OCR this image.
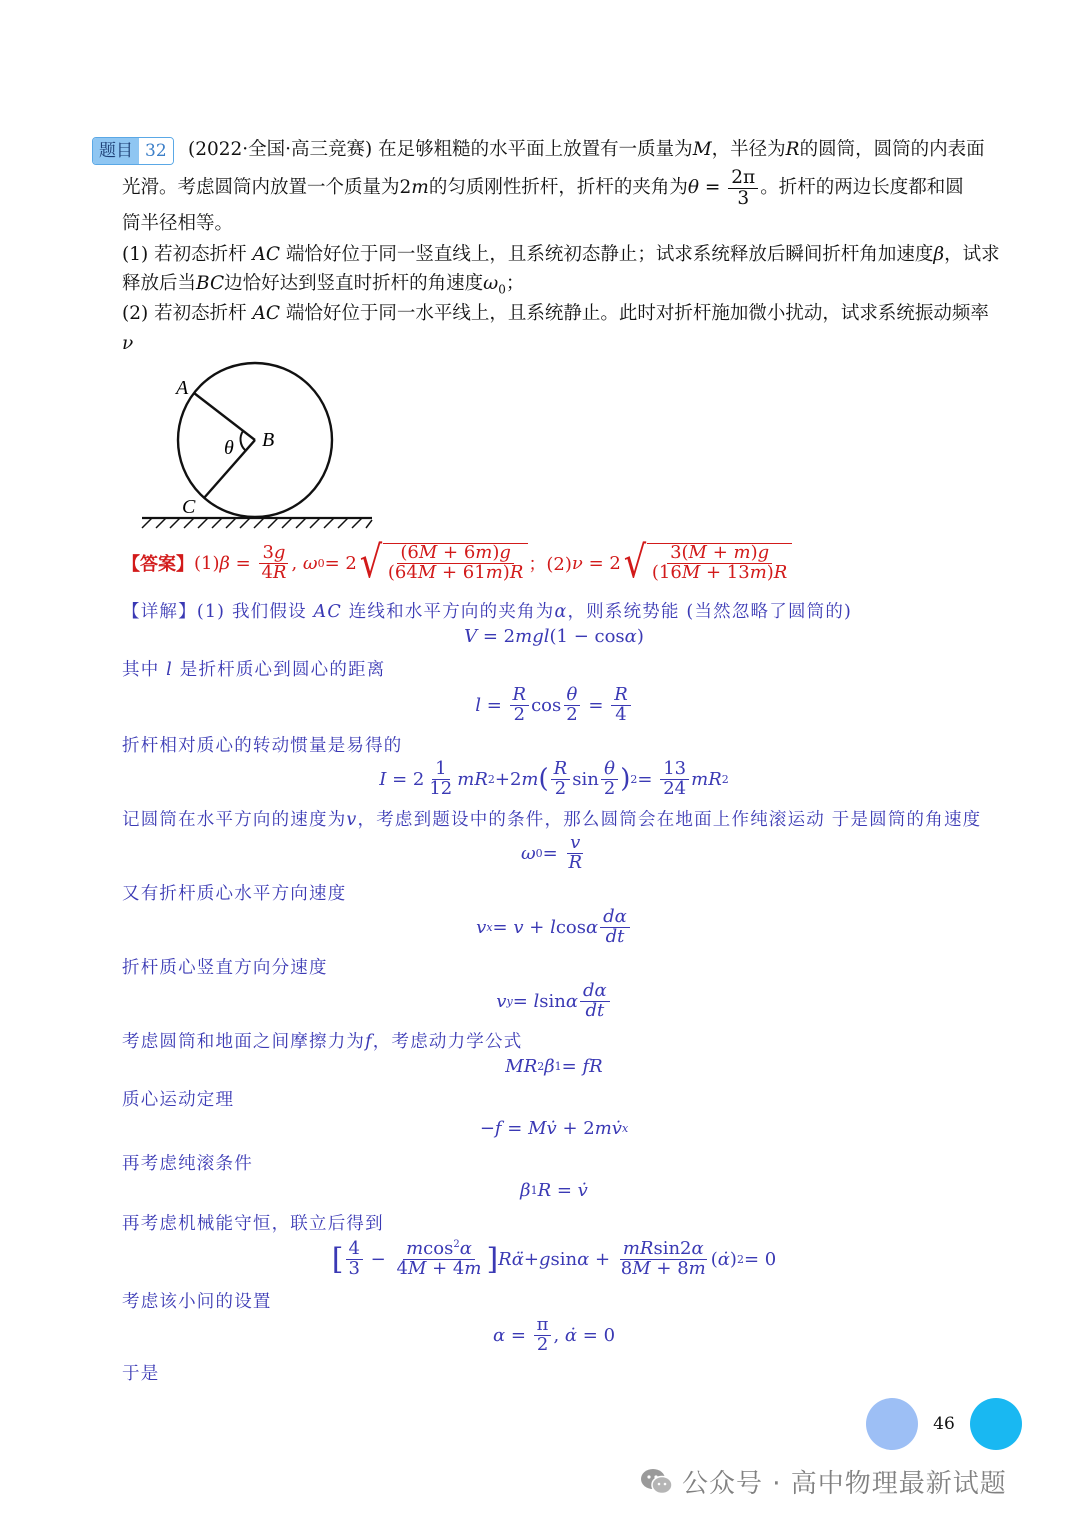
题目 32	(2022·全国·高三竞赛) 在足够粗糙的水平面上放置有一质量为M，半径为R的圆筒，圆筒的内表面
光滑。考虑圆筒内放置一个质量为 2m 的匀质刚性折杆，折杆的夹角为 $\theta = \frac{2\pi}{3}$ 。折杆的两边长度都和圆
筒半径相等。
(1) 若初态折杆 AC 端恰好位于同一竖直线上，且系统初态静止；试求系统释放后瞬间折杆角加速度β，试求
释放后当BC边恰好达到竖直时折杆的角速度$\omega_0$；
(2) 若初态折杆 AC 端恰好位于同一水平线上，且系统静止。此时对折杆施加微小扰动，试求系统振动频率
ν
A
B
C
θ
【答案】 (1) $\beta = \frac{3g}{4R}$ , ω 0 = 2 √ $\frac{(6M + 6m)g}{(64M + 61m)R}$ ；(2) ν = 2 √ $\frac{3(M + m)g}{(16M + 13m)R}$
【详解】(1) 我们假设 AC 连线和水平方向的夹角为α，则系统势能 (当然忽略了圆筒的)
V = 2 mgl (1 − cos α )
其中 l 是折杆质心到圆心的距离
$l = \frac{R}{2}$ $\cos \frac{\theta}{2} = \frac{R}{4}$
折杆相对质心的转动惯量是易得的
$I = 2 \frac{1}{12}$ mR 2 +2 m ( $\frac{R}{2}$ $\sin \frac{\theta}{2}$ ) $2 = \frac{13}{24}$ mR 2
记圆筒在水平方向的速度为v，考虑到题设中的条件，那么圆筒会在地面上作纯滚运动 于是圆筒的角速度
ω $0 = \frac{v}{R}$
又有折杆质心水平方向速度
v x = v + l cos α $\frac{d\alpha}{dt}$
折杆质心竖直方向分速度
v y = l sin α $\frac{d\alpha}{dt}$
考虑圆筒和地面之间摩擦力为f，考虑动力学公式
MR 2 β 1 = fR
质心运动定理
− f = M v̇ + 2 m v̇ x
再考虑纯滚条件
β 1 R = v̇
再考虑机械能守恒，联立后得到
[ $\frac{4}{3} - \frac{mcos^2\alpha}{4M + 4m}$ ] Rα̈ + g $\sin \alpha + \frac{mRsin2\alpha}{8M + 8m}$ ( α̇ ) 2 = 0
考虑该小问的设置
$\alpha = \frac{\pi}{2}$ , α̇ = 0
于是
46
公众号 · 高中物理最新试题
